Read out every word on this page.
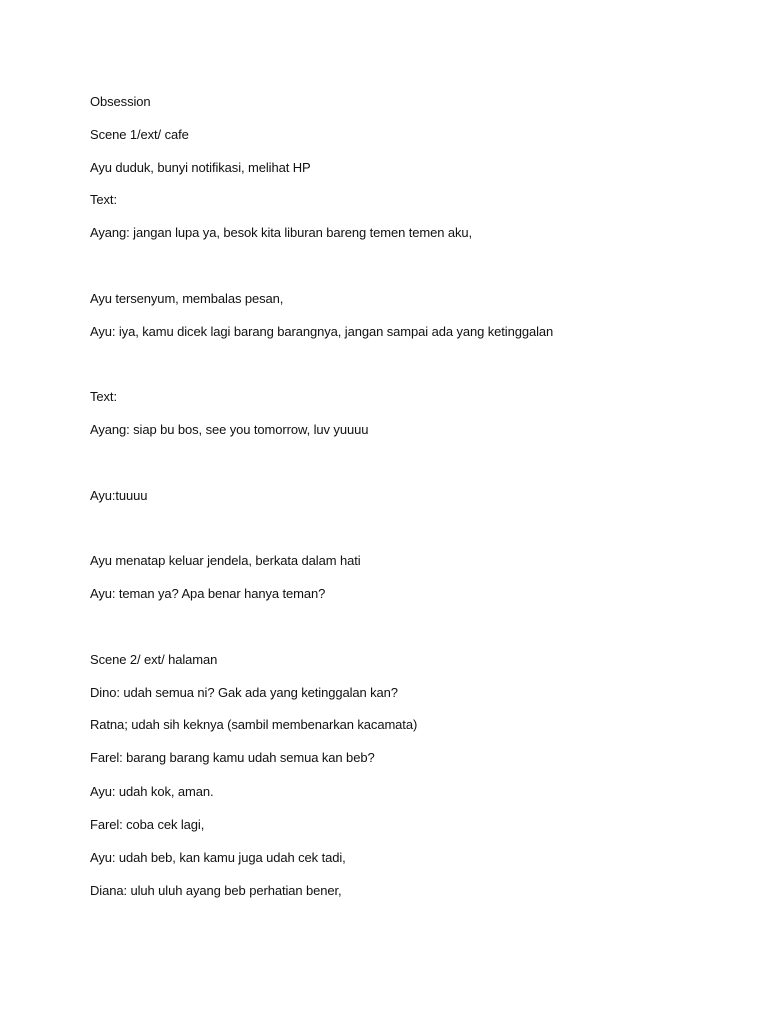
Obsession
Scene 1/ext/ cafe
Ayu duduk, bunyi notifikasi, melihat HP
Text:
Ayang: jangan lupa ya, besok kita liburan bareng temen temen aku,
Ayu tersenyum, membalas pesan,
Ayu: iya, kamu dicek lagi barang barangnya, jangan sampai ada yang ketinggalan
Text:
Ayang: siap bu bos, see you tomorrow, luv yuuuu
Ayu:tuuuu
Ayu menatap keluar jendela, berkata dalam hati
Ayu: teman ya? Apa benar hanya teman?
Scene 2/ ext/ halaman
Dino: udah semua ni? Gak ada yang ketinggalan kan?
Ratna; udah sih keknya (sambil membenarkan kacamata)
Farel: barang barang kamu udah semua kan beb?
Ayu: udah kok, aman.
Farel: coba cek lagi,
Ayu: udah beb, kan kamu juga udah cek tadi,
Diana: uluh uluh ayang beb perhatian bener,
